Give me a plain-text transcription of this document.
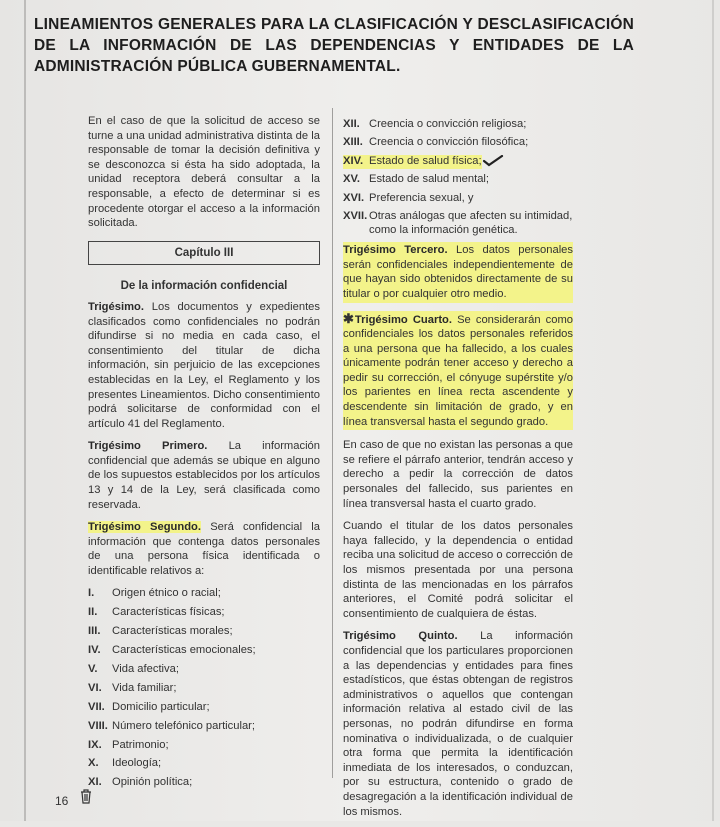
LINEAMIENTOS GENERALES PARA LA CLASIFICACIÓN Y DESCLASIFICACIÓN DE LA INFORMACIÓN DE LAS DEPENDENCIAS Y ENTIDADES DE LA ADMINISTRACIÓN PÚBLICA GUBERNAMENTAL.

En el caso de que la solicitud de acceso se turne a una unidad administrativa distinta de la responsable de tomar la decisión definitiva y se desconozca si ésta ha sido adoptada, la unidad receptora deberá consultar a la responsable, a efecto de determinar si es procedente otorgar el acceso a la información solicitada.

Capítulo III
De la información confidencial

Trigésimo. Los documentos y expedientes clasificados como confidenciales no podrán difundirse si no media en cada caso, el consentimiento del titular de dicha información, sin perjuicio de las excepciones establecidas en la Ley, el Reglamento y los presentes Lineamientos. Dicho consentimiento podrá solicitarse de conformidad con el artículo 41 del Reglamento.

Trigésimo Primero. La información confidencial que además se ubique en alguno de los supuestos establecidos por los artículos 13 y 14 de la Ley, será clasificada como reservada.

Trigésimo Segundo. Será confidencial la información que contenga datos personales de una persona física identificada o identificable relativos a:

I.	Origen étnico o racial;
II.	Características físicas;
III.	Características morales;
IV.	Características emocionales;
V.	Vida afectiva;
VI. Vida familiar;
VII. Domicilio particular;
VIII. Número telefónico particular;
IX. Patrimonio;
X.	Ideología;
XI. Opinión política;
XII. Creencia o convicción religiosa;
XIII. Creencia o convicción filosófica;
XIV. Estado de salud física;
XV. Estado de salud mental;
XVI. Preferencia sexual, y
XVII. Otras análogas que afecten su intimidad, como la información genética.

Trigésimo Tercero. Los datos personales serán confidenciales independientemente de que hayan sido obtenidos directamente de su titular o por cualquier otro medio.

✱Trigésimo Cuarto. Se considerarán como confidenciales los datos personales referidos a una persona que ha fallecido, a los cuales únicamente podrán tener acceso y derecho a pedir su corrección, el cónyuge supérstite y/o los parientes en línea recta ascendente y descendente sin limitación de grado, y en línea transversal hasta el segundo grado.

En caso de que no existan las personas a que se refiere el párrafo anterior, tendrán acceso y derecho a pedir la corrección de datos personales del fallecido, sus parientes en línea transversal hasta el cuarto grado.

Cuando el titular de los datos personales haya fallecido, y la dependencia o entidad reciba una solicitud de acceso o corrección de los mismos presentada por una persona distinta de las mencionadas en los párrafos anteriores, el Comité podrá solicitar el consentimiento de cualquiera de éstas.

Trigésimo Quinto. La información confidencial que los particulares proporcionen a las dependencias y entidades para fines estadísticos, que éstas obtengan de registros administrativos o aquellos que contengan información relativa al estado civil de las personas, no podrán difundirse en forma nominativa o individualizada, o de cualquier otra forma que permita la identificación inmediata de los interesados, o conduzcan, por su estructura, contenido o grado de desagregación a la identificación individual de los mismos.

16
